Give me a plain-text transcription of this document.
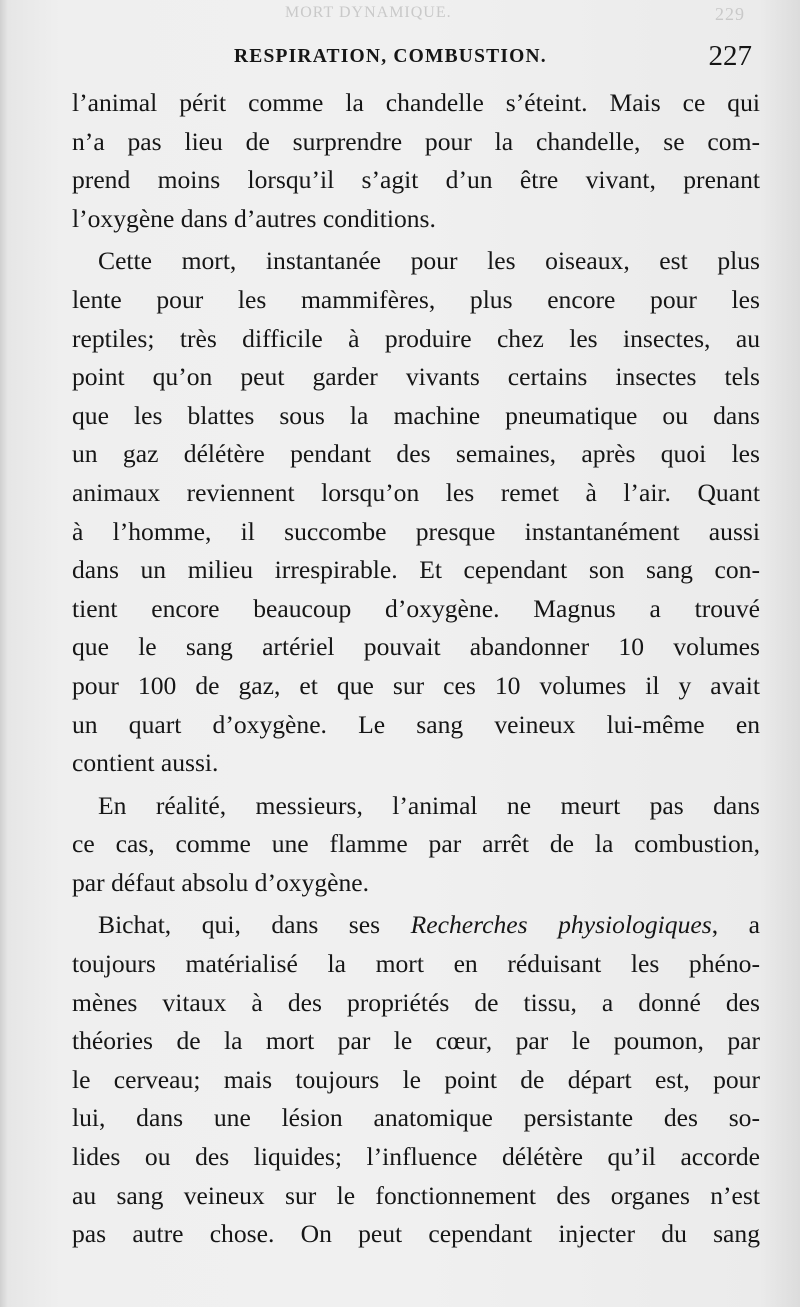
MORT DYNAMIQUE.	229
RESPIRATION, COMBUSTION.	227
l’animal périt comme la chandelle s’éteint. Mais ce qui
n’a pas lieu de surprendre pour la chandelle, se com-
prend moins lorsqu’il s’agit d’un être vivant, prenant
l’oxygène dans d’autres conditions.
Cette mort, instantanée pour les oiseaux, est plus
lente pour les mammifères, plus encore pour les
reptiles; très difficile à produire chez les insectes, au
point qu’on peut garder vivants certains insectes tels
que les blattes sous la machine pneumatique ou dans
un gaz délétère pendant des semaines, après quoi les
animaux reviennent lorsqu’on les remet à l’air. Quant
à l’homme, il succombe presque instantanément aussi
dans un milieu irrespirable. Et cependant son sang con-
tient encore beaucoup d’oxygène. Magnus a trouvé
que le sang artériel pouvait abandonner 10 volumes
pour 100 de gaz, et que sur ces 10 volumes il y avait
un quart d’oxygène. Le sang veineux lui-même en
contient aussi.
En réalité, messieurs, l’animal ne meurt pas dans
ce cas, comme une flamme par arrêt de la combustion,
par défaut absolu d’oxygène.
Bichat, qui, dans ses Recherches physiologiques, a
toujours matérialisé la mort en réduisant les phéno-
mènes vitaux à des propriétés de tissu, a donné des
théories de la mort par le cœur, par le poumon, par
le cerveau; mais toujours le point de départ est, pour
lui, dans une lésion anatomique persistante des so-
lides ou des liquides; l’influence délétère qu’il accorde
au sang veineux sur le fonctionnement des organes n’est
pas autre chose. On peut cependant injecter du sang
